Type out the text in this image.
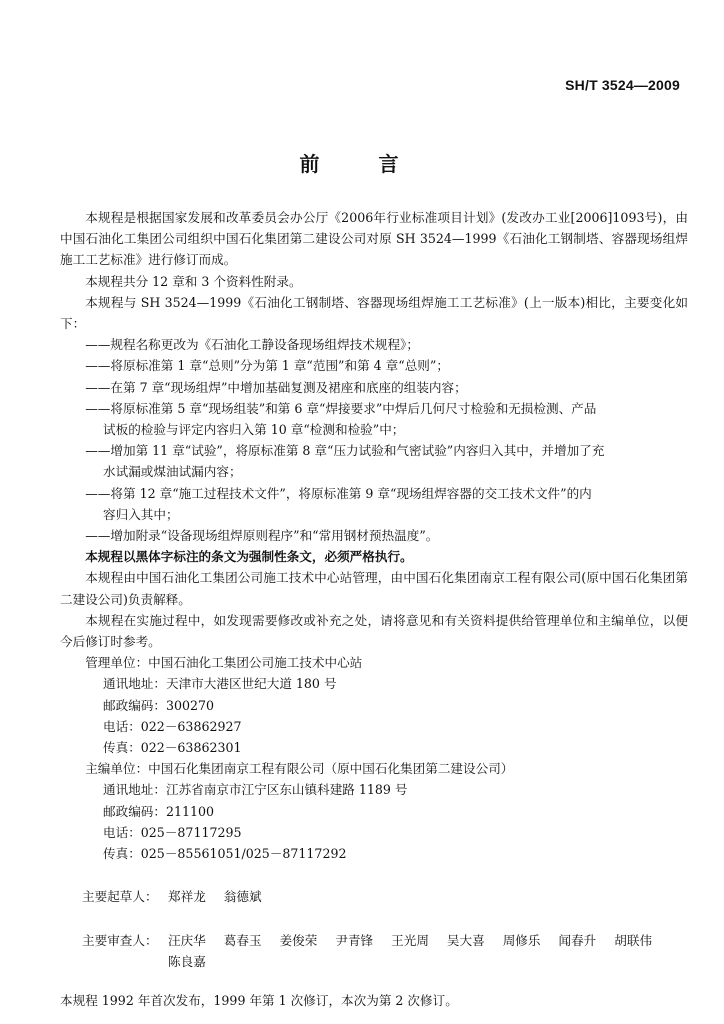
SH/T 3524—2009
前 言

本规程是根据国家发展和改革委员会办公厅《2006年行业标准项目计划》(发改办工业[2006]1093号)，由中国石油化工集团公司组织中国石化集团第二建设公司对原 SH 3524—1999《石油化工钢制塔、容器现场组焊施工工艺标准》进行修订而成。

本规程共分 12 章和 3 个资料性附录。

本规程与 SH 3524—1999《石油化工钢制塔、容器现场组焊施工工艺标准》(上一版本)相比，主要变化如下：

——规程名称更改为《石油化工静设备现场组焊技术规程》；

——将原标准第 1 章“总则”分为第 1 章“范围”和第 4 章“总则”；

——在第 7 章“现场组焊”中增加基础复测及裙座和底座的组装内容；

——将原标准第 5 章“现场组装”和第 6 章“焊接要求”中焊后几何尺寸检验和无损检测、产品

试板的检验与评定内容归入第 10 章“检测和检验”中；

——增加第 11 章“试验”，将原标准第 8 章“压力试验和气密试验”内容归入其中，并增加了充

水试漏或煤油试漏内容；

——将第 12 章“施工过程技术文件”，将原标准第 9 章“现场组焊容器的交工技术文件”的内

容归入其中；

——增加附录“设备现场组焊原则程序”和“常用钢材预热温度”。

本规程以黑体字标注的条文为强制性条文，必须严格执行。

本规程由中国石油化工集团公司施工技术中心站管理，由中国石化集团南京工程有限公司(原中国石化集团第二建设公司)负责解释。

本规程在实施过程中，如发现需要修改或补充之处，请将意见和有关资料提供给管理单位和主编单位，以便今后修订时参考。

管理单位：中国石油化工集团公司施工技术中心站

通讯地址：天津市大港区世纪大道 180 号

邮政编码：300270

电话：022－63862927

传真：022－63862301

主编单位：中国石化集团南京工程有限公司（原中国石化集团第二建设公司）

通讯地址：江苏省南京市江宁区东山镇科建路 1189 号

邮政编码：211100

电话：025－87117295

传真：025－85561051/025－87117292

主要起草人： 郑祥龙 翁德斌
主要审查人： 汪庆华 葛春玉 姜俊荣 尹青锋 王光周 吴大喜 周修乐 闻春升 胡联伟
陈良嘉

本规程 1992 年首次发布，1999 年第 1 次修订，本次为第 2 次修订。
